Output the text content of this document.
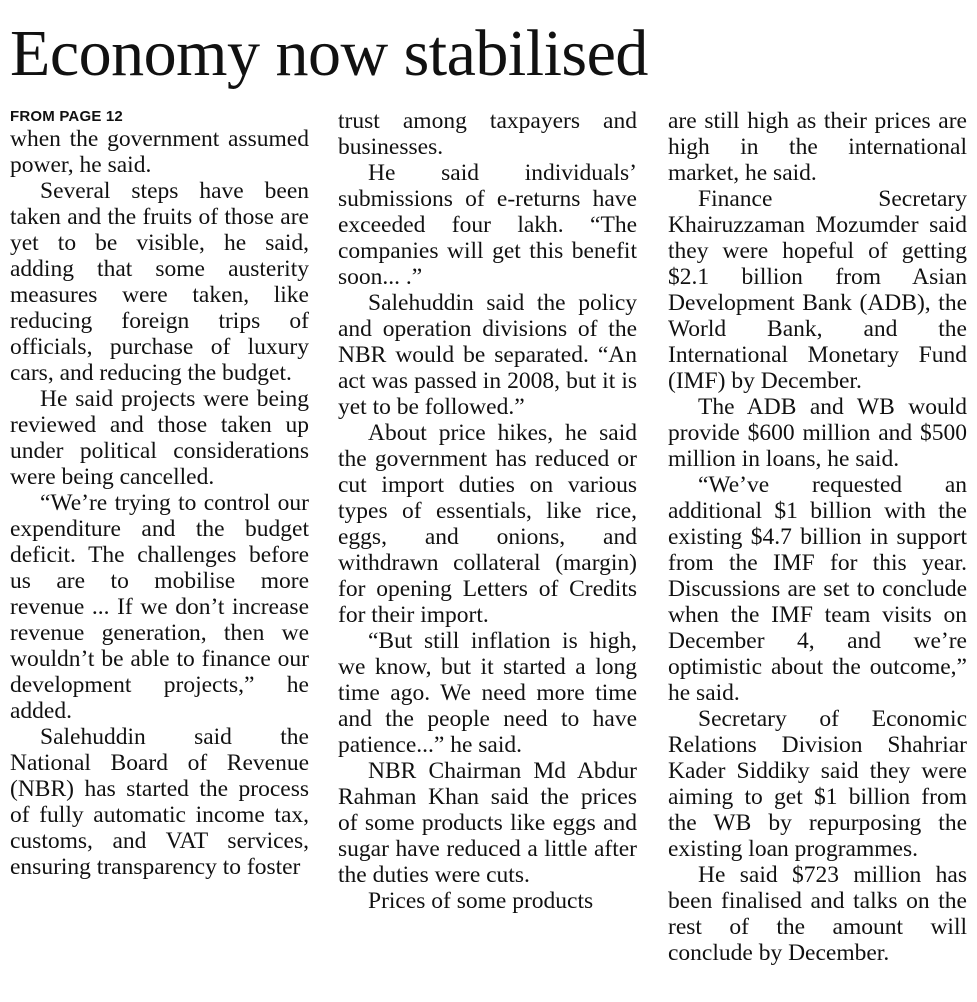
Economy now stabilised
FROM PAGE 12

when the government assumed power, he said.

Several steps have been taken and the fruits of those are yet to be visible, he said, adding that some austerity measures were taken, like reducing foreign trips of officials, purchase of luxury cars, and reducing the budget.

He said projects were being reviewed and those taken up under political considerations were being cancelled.

“We’re trying to control our expenditure and the budget deficit. The challenges before us are to mobilise more revenue ... If we don’t increase revenue generation, then we wouldn’t be able to finance our development projects,” he added.

Salehuddin said the National Board of Revenue (NBR) has started the process of fully automatic income tax, customs, and VAT services, ensuring transparency to foster

trust among taxpayers and businesses.

He said individuals’ submissions of e-returns have exceeded four lakh. “The companies will get this benefit soon... .”

Salehuddin said the policy and operation divisions of the NBR would be separated. “An act was passed in 2008, but it is yet to be followed.”

About price hikes, he said the government has reduced or cut import duties on various types of essentials, like rice, eggs, and onions, and withdrawn collateral (margin) for opening Letters of Credits for their import.

“But still inflation is high, we know, but it started a long time ago. We need more time and the people need to have patience...” he said.

NBR Chairman Md Abdur Rahman Khan said the prices of some products like eggs and sugar have reduced a little after the duties were cuts.

Prices of some products

are still high as their prices are high in the international market, he said.

Finance Secretary Khairuzzaman Mozumder said they were hopeful of getting $2.1 billion from Asian Development Bank (ADB), the World Bank, and the International Monetary Fund (IMF) by December.

The ADB and WB would provide $600 million and $500 million in loans, he said.

“We’ve requested an additional $1 billion with the existing $4.7 billion in support from the IMF for this year. Discussions are set to conclude when the IMF team visits on December 4, and we’re optimistic about the outcome,” he said.

Secretary of Economic Relations Division Shahriar Kader Siddiky said they were aiming to get $1 billion from the WB by repurposing the existing loan programmes.

He said $723 million has been finalised and talks on the rest of the amount will conclude by December.
